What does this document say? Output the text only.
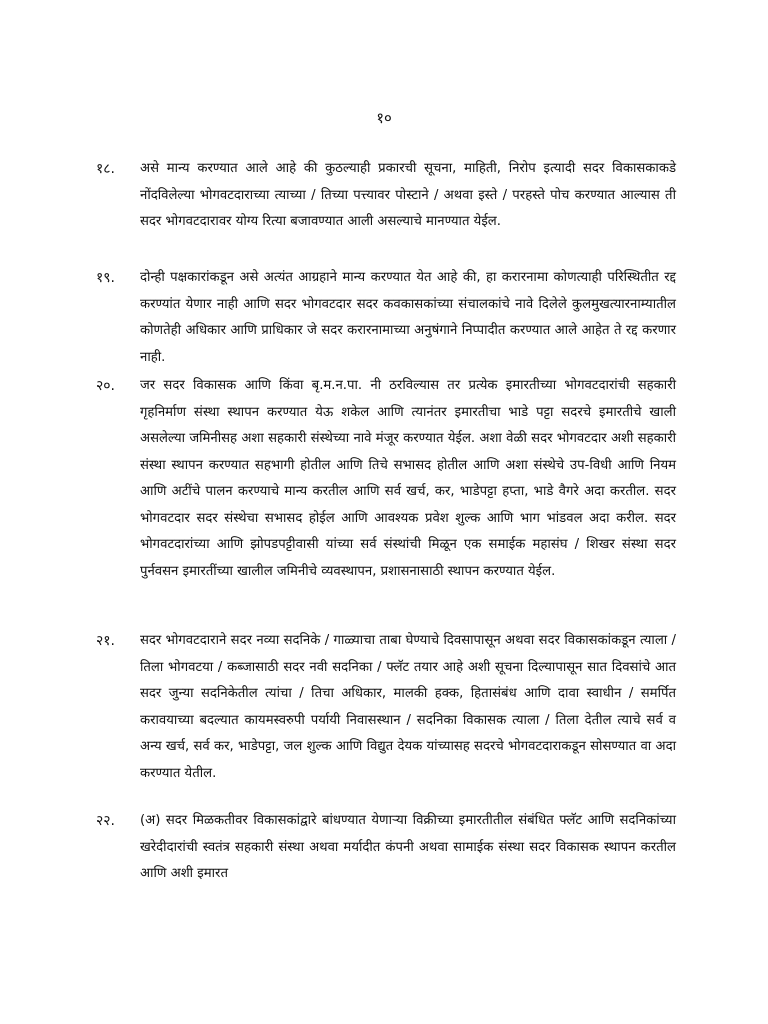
१०
१८. असे मान्य करण्यात आले आहे की कुठल्याही प्रकारची सूचना, माहिती, निरोप इत्यादी सदर विकासकाकडे नोंदविलेल्या भोगवटदाराच्या त्याच्या / तिच्या पत्त्यावर पोस्टाने / अथवा इस्ते / परहस्ते पोच करण्यात आल्यास ती सदर भोगवटदारावर योग्य रित्या बजावण्यात आली असल्याचे मानण्यात येईल.
१९. दोन्ही पक्षकारांकडून असे अत्यंत आग्रहाने मान्य करण्यात येत आहे की, हा करारनामा कोणत्याही परिस्थितीत रद्द करण्यांत येणार नाही आणि सदर भोगवटदार सदर कवकासकांच्या संचालकांचे नावे दिलेले कुलमुखत्यारनाम्यातील कोणतेही अधिकार आणि प्राधिकार जे सदर करारनामाच्या अनुषंगाने निप्पादीत करण्यात आले आहेत ते रद्द करणार नाही.
२०. जर सदर विकासक आणि किंवा बृ.म.न.पा. नी ठरविल्यास तर प्रत्येक इमारतीच्या भोगवटदारांची सहकारी गृहनिर्माण संस्था स्थापन करण्यात येऊ शकेल आणि त्यानंतर इमारतीचा भाडे पट्टा सदरचे इमारतीचे खाली असलेल्या जमिनीसह अशा सहकारी संस्थेच्या नावे मंजूर करण्यात येईल. अशा वेळी सदर भोगवटदार अशी सहकारी संस्था स्थापन करण्यात सहभागी होतील आणि तिचे सभासद होतील आणि अशा संस्थेचे उप-विधी आणि नियम आणि अटींचे पालन करण्याचे मान्य करतील आणि सर्व खर्च, कर, भाडेपट्टा हप्ता, भाडे वैगरे अदा करतील. सदर भोगवटदार सदर संस्थेचा सभासद होईल आणि आवश्यक प्रवेश शुल्क आणि भाग भांडवल अदा करील. सदर भोगवटदारांच्या आणि झोपडपट्टीवासी यांच्या सर्व संस्थांची मिळून एक समाईक महासंघ / शिखर संस्था सदर पुर्नवसन इमारतींच्या खालील जमिनीचे व्यवस्थापन, प्रशासनासाठी स्थापन करण्यात येईल.
२१. सदर भोगवटदाराने सदर नव्या सदनिके / गाळ्याचा ताबा घेण्याचे दिवसापासून अथवा सदर विकासकांकडून त्याला / तिला भोगवटया / कब्जासाठी सदर नवी सदनिका / फ्लॅट तयार आहे अशी सूचना दिल्यापासून सात दिवसांचे आत सदर जुन्या सदनिकेतील त्यांचा / तिचा अधिकार, मालकी हक्क, हितासंबंध आणि दावा स्वाधीन / समर्पित करावयाच्या बदल्यात कायमस्वरुपी पर्यायी निवासस्थान / सदनिका विकासक त्याला / तिला देतील त्याचे सर्व व अन्य खर्च, सर्व कर, भाडेपट्टा, जल शुल्क आणि विद्युत देयक यांच्यासह सदरचे भोगवटदाराकडून सोसण्यात वा अदा करण्यात येतील.
२२. (अ) सदर मिळकतीवर विकासकांद्वारे बांधण्यात येणाऱ्या विक्रीच्या इमारतीतील संबंधित फ्लॅट आणि सदनिकांच्या खरेदीदारांची स्वतंत्र सहकारी संस्था अथवा मर्यादीत कंपनी अथवा सामाईक संस्था सदर विकासक स्थापन करतील आणि अशी इमारत
